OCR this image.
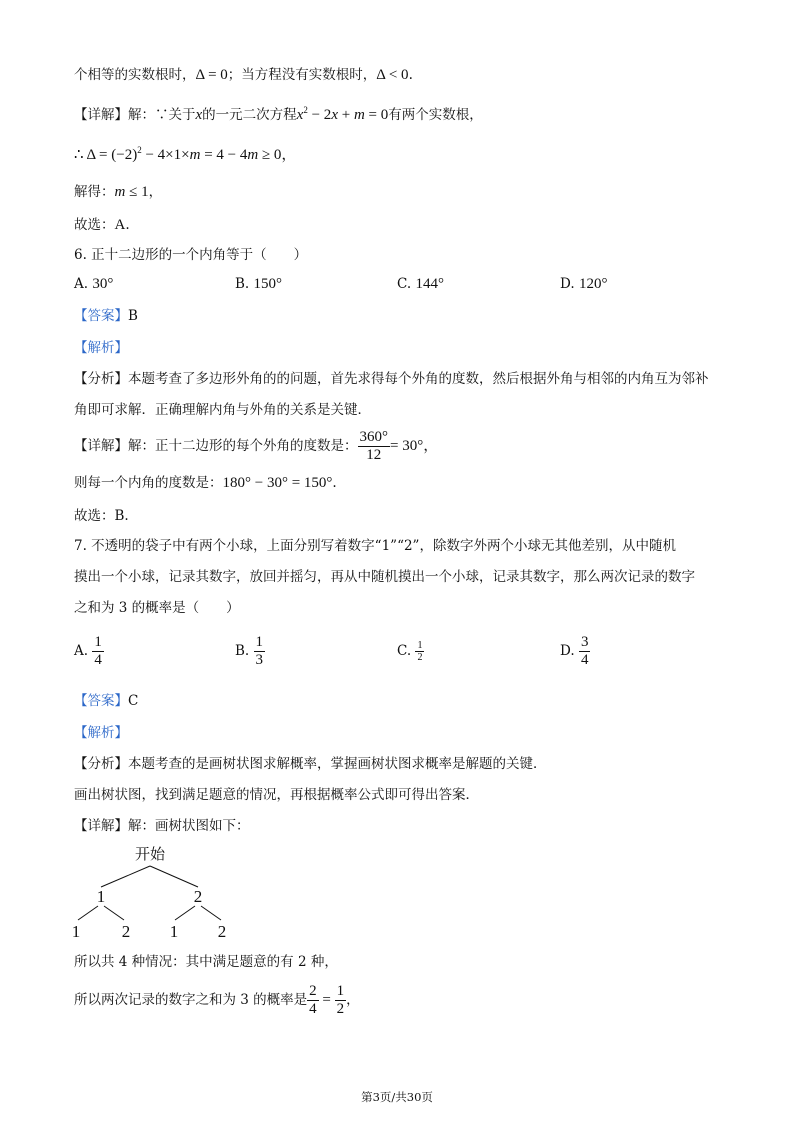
个相等的实数根时，Δ = 0；当方程没有实数根时，Δ < 0.
【详解】解：∵关于x的一元二次方程$x^2 - 2x + m = 0$有两个实数根，
∴ $\Delta = (-2)^2 - 4\times 1\times m = 4 - 4m \ge 0$，
解得：m ≤ 1，
故选：A.
6. 正十二边形的一个内角等于（　　）
A. 30°	B. 150°	C. 144°	D. 120°
【答案】B
【解析】
【分析】本题考查了多边形外角的的问题，首先求得每个外角的度数，然后根据外角与相邻的内角互为邻补
角即可求解．正确理解内角与外角的关系是关键．
【详解】解：正十二边形的每个外角的度数是： $\frac{360^\circ}{12} = 30^\circ$，
则每一个内角的度数是：180° − 30° = 150°.
故选：B.
7. 不透明的袋子中有两个小球，上面分别写着数字“1”“2”，除数字外两个小球无其他差别，从中随机
摸出一个小球，记录其数字，放回并摇匀，再从中随机摸出一个小球，记录其数字，那么两次记录的数字
之和为 3 的概率是（　　）
A. $\frac{1}{4}$	B. $\frac{1}{3}$	C. $\frac{1}{2}$	D. $\frac{3}{4}$
【答案】C
【解析】
【分析】本题考查的是画树状图求解概率，掌握画树状图求概率是解题的关键．
画出树状图，找到满足题意的情况，再根据概率公式即可得出答案．
【详解】解：画树状图如下：
开始
1	2
1 2 1 2
所以共 4 种情况：其中满足题意的有 2 种，
所以两次记录的数字之和为 3 的概率是 $\frac{2}{4} = \frac{1}{2}$ ，
第3页/共30页
